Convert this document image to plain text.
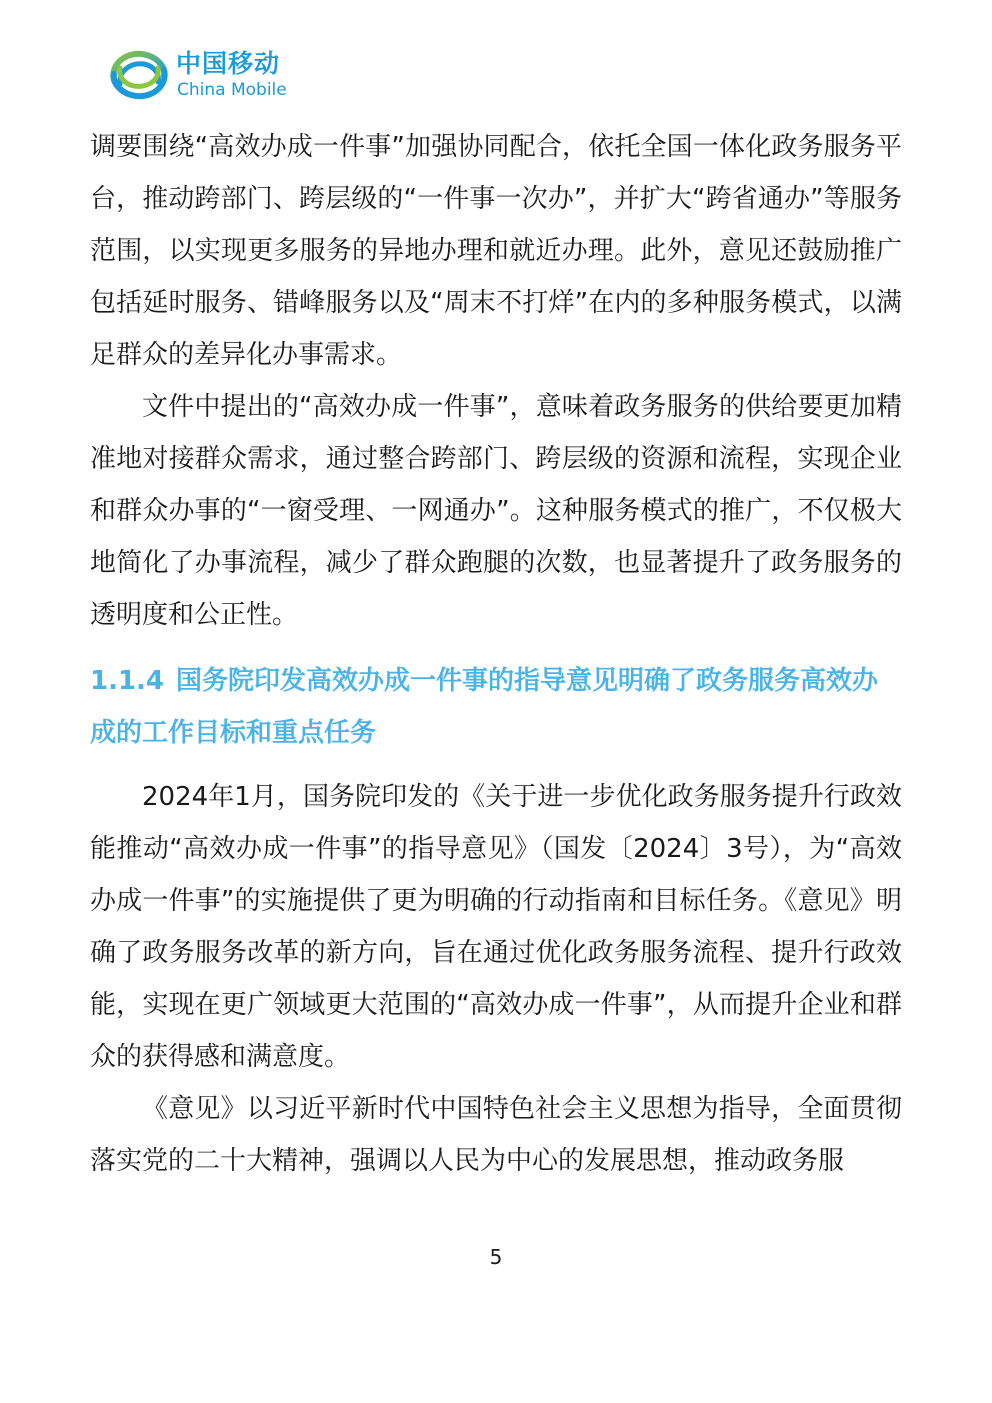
中国移动
China Mobile

调要围绕“高效办成一件事”加强协同配合，依托全国一体化政务服务平台，推动跨部门、跨层级的“一件事一次办”，并扩大“跨省通办”等服务范围，以实现更多服务的异地办理和就近办理。此外，意见还鼓励推广包括延时服务、错峰服务以及“周末不打烊”在内的多种服务模式，以满足群众的差异化办事需求。

文件中提出的“高效办成一件事”，意味着政务服务的供给要更加精准地对接群众需求，通过整合跨部门、跨层级的资源和流程，实现企业和群众办事的“一窗受理、一网通办”。这种服务模式的推广，不仅极大地简化了办事流程，减少了群众跑腿的次数，也显著提升了政务服务的透明度和公正性。

1.1.4 国务院印发高效办成一件事的指导意见明确了政务服务高效办成的工作目标和重点任务

2024年1月，国务院印发的《关于进一步优化政务服务提升行政效能推动“高效办成一件事”的指导意见》（国发〔2024〕3号），为“高效办成一件事”的实施提供了更为明确的行动指南和目标任务。《意见》明确了政务服务改革的新方向，旨在通过优化政务服务流程、提升行政效能，实现在更广领域更大范围的“高效办成一件事”，从而提升企业和群众的获得感和满意度。

《意见》以习近平新时代中国特色社会主义思想为指导，全面贯彻落实党的二十大精神，强调以人民为中心的发展思想，推动政务服

5
